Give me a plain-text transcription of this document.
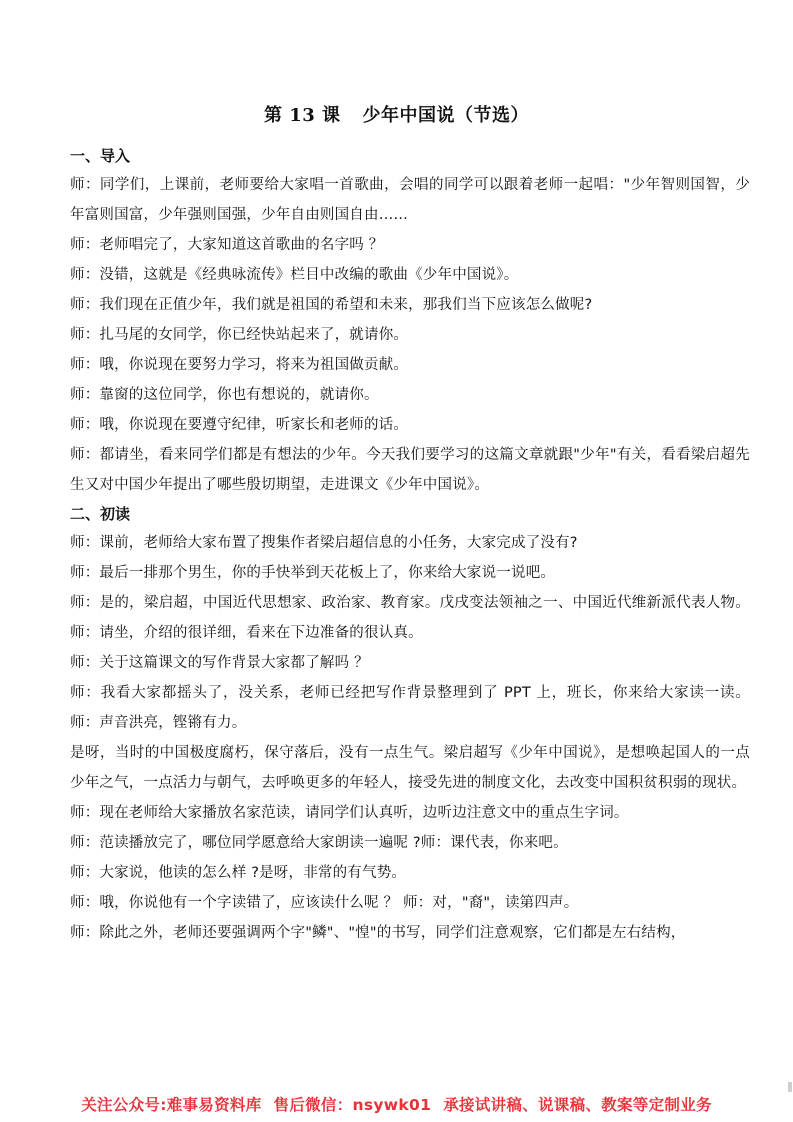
第 13 课 少年中国说（节选）

一、导入

师：同学们，上课前，老师要给大家唱一首歌曲，会唱的同学可以跟着老师一起唱："少年智则国智，少年富则国富，少年强则国强，少年自由则国自由……

师：老师唱完了，大家知道这首歌曲的名字吗 ？

师：没错，这就是《经典咏流传》栏目中改编的歌曲《少年中国说》。

师：我们现在正值少年，我们就是祖国的希望和未来，那我们当下应该怎么做呢?

师：扎马尾的女同学，你已经快站起来了，就请你。

师：哦，你说现在要努力学习，将来为祖国做贡献。

师：靠窗的这位同学，你也有想说的，就请你。

师：哦，你说现在要遵守纪律，听家长和老师的话。

师：都请坐，看来同学们都是有想法的少年。今天我们要学习的这篇文章就跟"少年"有关，看看梁启超先生又对中国少年提出了哪些殷切期望，走进课文《少年中国说》。

二、初读

师：课前，老师给大家布置了搜集作者梁启超信息的小任务，大家完成了没有?

师：最后一排那个男生，你的手快举到天花板上了，你来给大家说一说吧。

师：是的，梁启超，中国近代思想家、政治家、教育家。戊戌变法领袖之一、中国近代维新派代表人物。 师：请坐，介绍的很详细，看来在下边准备的很认真。

师：关于这篇课文的写作背景大家都了解吗 ？

师：我看大家都摇头了，没关系，老师已经把写作背景整理到了 PPT 上，班长，你来给大家读一读。师：声音洪亮，铿锵有力。

是呀，当时的中国极度腐朽，保守落后，没有一点生气。梁启超写《少年中国说》，是想唤起国人的一点少年之气，一点活力与朝气，去呼唤更多的年轻人，接受先进的制度文化，去改变中国积贫积弱的现状。

师：现在老师给大家播放名家范读，请同学们认真听，边听边注意文中的重点生字词。

师：范读播放完了，哪位同学愿意给大家朗读一遍呢 ?师：课代表，你来吧。

师：大家说，他读的怎么样 ?是呀，非常的有气势。

师：哦，你说他有一个字读错了，应该读什么呢 ？ 师：对，"裔"，读第四声。

师：除此之外，老师还要强调两个字"鳞"、"惶"的书写，同学们注意观察，它们都是左右结构，

关注公众号:难事易资料库 售后微信：nsywk01 承接试讲稿、说课稿、教案等定制业务
